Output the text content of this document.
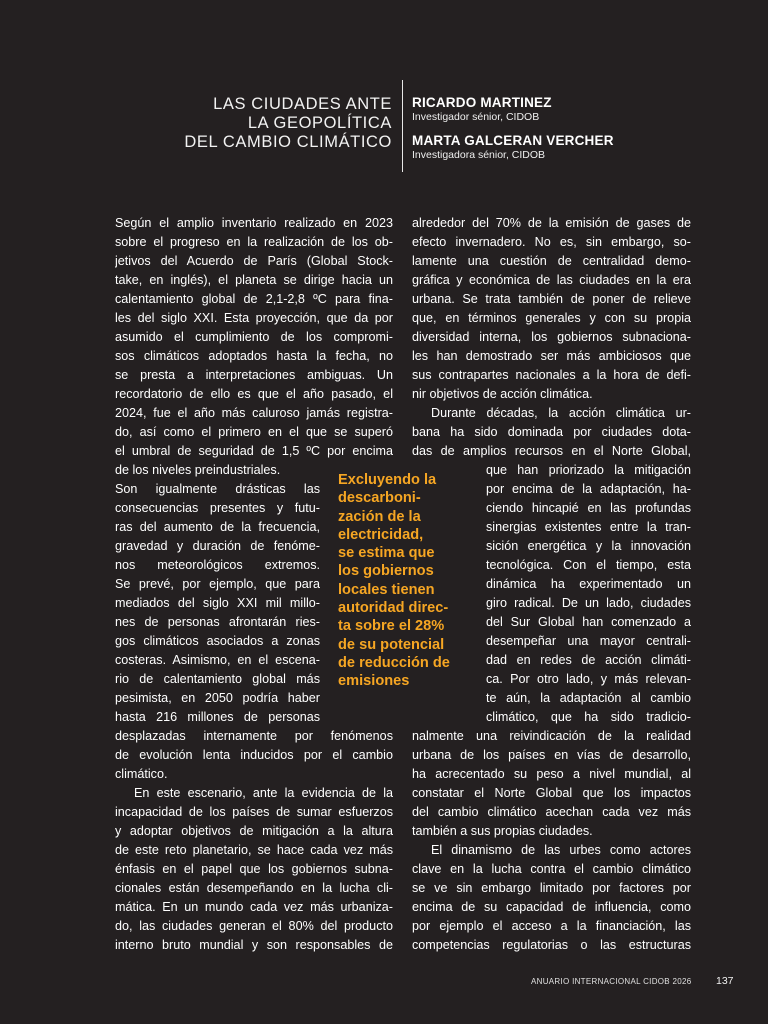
LAS CIUDADES ANTE
LA GEOPOLÍTICA
DEL CAMBIO CLIMÁTICO
RICARDO MARTINEZ
Investigador sénior, CIDOB
MARTA GALCERAN VERCHER
Investigadora sénior, CIDOB
Según el amplio inventario realizado en 2023
sobre el progreso en la realización de los ob-
jetivos del Acuerdo de París (Global Stock-
take, en inglés), el planeta se dirige hacia un
calentamiento global de 2,1-2,8 ºC para fina-
les del siglo XXI. Esta proyección, que da por
asumido el cumplimiento de los compromi-
sos climáticos adoptados hasta la fecha, no
se presta a interpretaciones ambiguas. Un
recordatorio de ello es que el año pasado, el
2024, fue el año más caluroso jamás registra-
do, así como el primero en el que se superó
el umbral de seguridad de 1,5 ºC por encima
de los niveles preindustriales.
Son igualmente drásticas las
consecuencias presentes y futu-
ras del aumento de la frecuencia,
gravedad y duración de fenóme-
nos meteorológicos extremos.
Se prevé, por ejemplo, que para
mediados del siglo XXI mil millo-
nes de personas afrontarán ries-
gos climáticos asociados a zonas
costeras. Asimismo, en el escena-
rio de calentamiento global más
pesimista, en 2050 podría haber
hasta 216 millones de personas
desplazadas internamente por fenómenos
de evolución lenta inducidos por el cambio
climático.
En este escenario, ante la evidencia de la
incapacidad de los países de sumar esfuerzos
y adoptar objetivos de mitigación a la altura
de este reto planetario, se hace cada vez más
énfasis en el papel que los gobiernos subna-
cionales están desempeñando en la lucha cli-
mática. En un mundo cada vez más urbaniza-
do, las ciudades generan el 80% del producto
interno bruto mundial y son responsables de
alrededor del 70% de la emisión de gases de
efecto invernadero. No es, sin embargo, so-
lamente una cuestión de centralidad demo-
gráfica y económica de las ciudades en la era
urbana. Se trata también de poner de relieve
que, en términos generales y con su propia
diversidad interna, los gobiernos subnaciona-
les han demostrado ser más ambiciosos que
sus contrapartes nacionales a la hora de defi-
nir objetivos de acción climática.
Durante décadas, la acción climática ur-
bana ha sido dominada por ciudades dota-
das de amplios recursos en el Norte Global,
que han priorizado la mitigación
por encima de la adaptación, ha-
ciendo hincapié en las profundas
sinergias existentes entre la tran-
sición energética y la innovación
tecnológica. Con el tiempo, esta
dinámica ha experimentado un
giro radical. De un lado, ciudades
del Sur Global han comenzado a
desempeñar una mayor centrali-
dad en redes de acción climáti-
ca. Por otro lado, y más relevan-
te aún, la adaptación al cambio
climático, que ha sido tradicio-
nalmente una reivindicación de la realidad
urbana de los países en vías de desarrollo,
ha acrecentado su peso a nivel mundial, al
constatar el Norte Global que los impactos
del cambio climático acechan cada vez más
también a sus propias ciudades.
El dinamismo de las urbes como actores
clave en la lucha contra el cambio climático
se ve sin embargo limitado por factores por
encima de su capacidad de influencia, como
por ejemplo el acceso a la financiación, las
competencias regulatorias o las estructuras
Excluyendo la
descarboni-
zación de la
electricidad,
se estima que
los gobiernos
locales tienen
autoridad direc-
ta sobre el 28%
de su potencial
de reducción de
emisiones
ANUARIO INTERNACIONAL CIDOB 2026 137
